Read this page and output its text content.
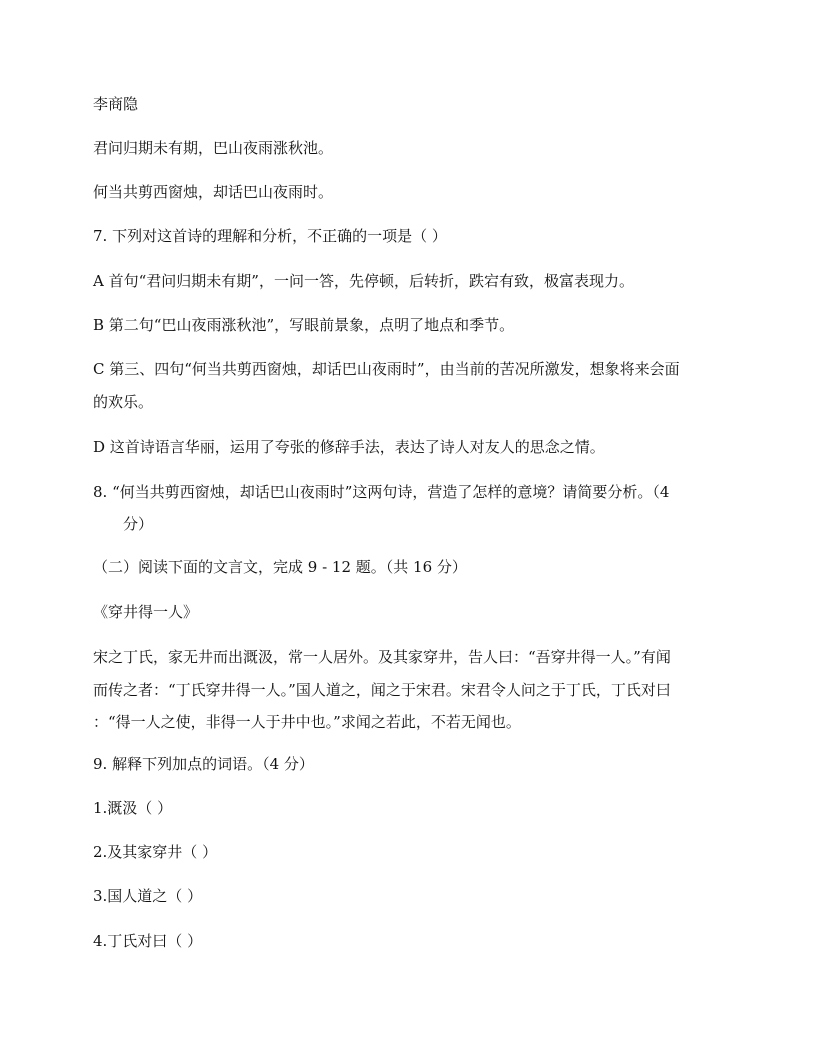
李商隐
君问归期未有期，巴山夜雨涨秋池。
何当共剪西窗烛，却话巴山夜雨时。
7. 下列对这首诗的理解和分析，不正确的一项是（ ）
A 首句“君问归期未有期”，一问一答，先停顿，后转折，跌宕有致，极富表现力。
B 第二句“巴山夜雨涨秋池”，写眼前景象，点明了地点和季节。
C 第三、四句“何当共剪西窗烛，却话巴山夜雨时”，由当前的苦况所激发，想象将来会面
的欢乐。
D 这首诗语言华丽，运用了夸张的修辞手法，表达了诗人对友人的思念之情。
8. “何当共剪西窗烛，却话巴山夜雨时”这两句诗，营造了怎样的意境？请简要分析。（4
分）
（二）阅读下面的文言文，完成 9 - 12 题。（共 16 分）
《穿井得一人》
宋之丁氏，家无井而出溉汲，常一人居外。及其家穿井，告人曰：“吾穿井得一人。”有闻
而传之者：“丁氏穿井得一人。”国人道之，闻之于宋君。宋君令人问之于丁氏，丁氏对曰
：“得一人之使，非得一人于井中也。”求闻之若此，不若无闻也。
9. 解释下列加点的词语。（4 分）
1.溉汲（ ）
2.及其家穿井（ ）
3.国人道之（ ）
4.丁氏对曰（ ）
